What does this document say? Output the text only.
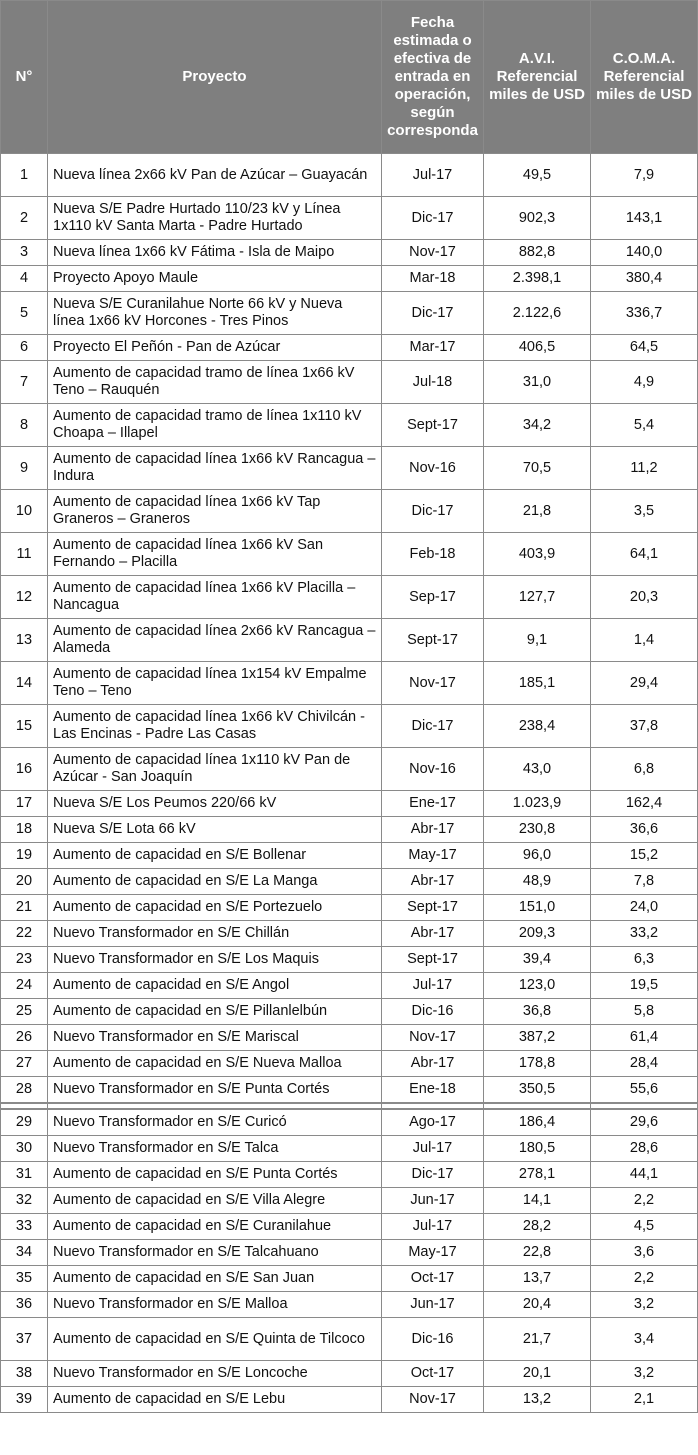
N°	Proyecto	Fecha estimada o efectiva de entrada en operación, según corresponda	A.V.I. Referencial miles de USD	C.O.M.A. Referencial miles de USD
1	Nueva línea 2x66 kV Pan de Azúcar – Guayacán	Jul-17	49,5	7,9
2	Nueva S/E Padre Hurtado 110/23 kV y Línea 1x110 kV Santa Marta - Padre Hurtado	Dic-17	902,3	143,1
3	Nueva línea 1x66 kV Fátima - Isla de Maipo	Nov-17	882,8	140,0
4	Proyecto Apoyo Maule	Mar-18	2.398,1	380,4
5	Nueva S/E Curanilahue Norte 66 kV y Nueva línea 1x66 kV Horcones - Tres Pinos	Dic-17	2.122,6	336,7
6	Proyecto El Peñón - Pan de Azúcar	Mar-17	406,5	64,5
7	Aumento de capacidad tramo de línea 1x66 kV Teno – Rauquén	Jul-18	31,0	4,9
8	Aumento de capacidad tramo de línea 1x110 kV Choapa – Illapel	Sept-17	34,2	5,4
9	Aumento de capacidad línea 1x66 kV Rancagua – Indura	Nov-16	70,5	11,2
10	Aumento de capacidad línea 1x66 kV Tap Graneros – Graneros	Dic-17	21,8	3,5
11	Aumento de capacidad línea 1x66 kV San Fernando – Placilla	Feb-18	403,9	64,1
12	Aumento de capacidad línea 1x66 kV Placilla – Nancagua	Sep-17	127,7	20,3
13	Aumento de capacidad línea 2x66 kV Rancagua – Alameda	Sept-17	9,1	1,4
14	Aumento de capacidad línea 1x154 kV Empalme Teno – Teno	Nov-17	185,1	29,4
15	Aumento de capacidad línea 1x66 kV Chivilcán - Las Encinas - Padre Las Casas	Dic-17	238,4	37,8
16	Aumento de capacidad línea 1x110 kV Pan de Azúcar - San Joaquín	Nov-16	43,0	6,8
17	Nueva S/E Los Peumos 220/66 kV	Ene-17	1.023,9	162,4
18	Nueva S/E Lota 66 kV	Abr-17	230,8	36,6
19	Aumento de capacidad en S/E Bollenar	May-17	96,0	15,2
20	Aumento de capacidad en S/E La Manga	Abr-17	48,9	7,8
21	Aumento de capacidad en S/E Portezuelo	Sept-17	151,0	24,0
22	Nuevo Transformador en S/E Chillán	Abr-17	209,3	33,2
23	Nuevo Transformador en S/E Los Maquis	Sept-17	39,4	6,3
24	Aumento de capacidad en S/E Angol	Jul-17	123,0	19,5
25	Aumento de capacidad en S/E Pillanlelbún	Dic-16	36,8	5,8
26	Nuevo Transformador en S/E Mariscal	Nov-17	387,2	61,4
27	Aumento de capacidad en S/E Nueva Malloa	Abr-17	178,8	28,4
28	Nuevo Transformador en S/E Punta Cortés	Ene-18	350,5	55,6

29	Nuevo Transformador en S/E Curicó	Ago-17	186,4	29,6
30	Nuevo Transformador en S/E Talca	Jul-17	180,5	28,6
31	Aumento de capacidad en S/E Punta Cortés	Dic-17	278,1	44,1
32	Aumento de capacidad en S/E Villa Alegre	Jun-17	14,1	2,2
33	Aumento de capacidad en S/E Curanilahue	Jul-17	28,2	4,5
34	Nuevo Transformador en S/E Talcahuano	May-17	22,8	3,6
35	Aumento de capacidad en S/E San Juan	Oct-17	13,7	2,2
36	Nuevo Transformador en S/E Malloa	Jun-17	20,4	3,2
37	Aumento de capacidad en S/E Quinta de Tilcoco	Dic-16	21,7	3,4
38	Nuevo Transformador en S/E Loncoche	Oct-17	20,1	3,2
39	Aumento de capacidad en S/E Lebu	Nov-17	13,2	2,1
